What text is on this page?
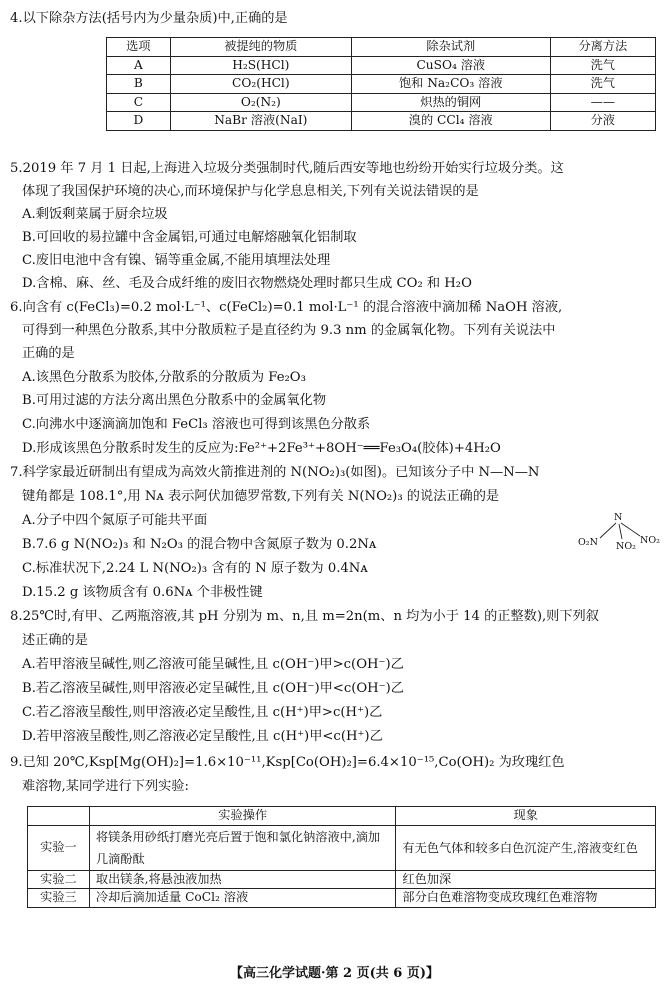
4.以下除杂方法(括号内为少量杂质)中,正确的是
选项	被提纯的物质	除杂试剂	分离方法
A	H₂S(HCl)	CuSO₄ 溶液	洗气
B	CO₂(HCl)	饱和 Na₂CO₃ 溶液	洗气
C	O₂(N₂)	炽热的铜网	——
D	NaBr 溶液(NaI)	溴的 CCl₄ 溶液	分液
5.2019 年 7 月 1 日起,上海进入垃圾分类强制时代,随后西安等地也纷纷开始实行垃圾分类。这
体现了我国保护环境的决心,而环境保护与化学息息相关,下列有关说法错误的是
A.剩饭剩菜属于厨余垃圾
B.可回收的易拉罐中含金属铝,可通过电解熔融氧化铝制取
C.废旧电池中含有镍、镉等重金属,不能用填埋法处理
D.含棉、麻、丝、毛及合成纤维的废旧衣物燃烧处理时都只生成 CO₂ 和 H₂O
6.向含有 c(FeCl₃)=0.2 mol·L⁻¹、c(FeCl₂)=0.1 mol·L⁻¹ 的混合溶液中滴加稀 NaOH 溶液,
可得到一种黑色分散系,其中分散质粒子是直径约为 9.3 nm 的金属氧化物。下列有关说法中
正确的是
A.该黑色分散系为胶体,分散系的分散质为 Fe₂O₃
B.可用过滤的方法分离出黑色分散系中的金属氧化物
C.向沸水中逐滴滴加饱和 FeCl₃ 溶液也可得到该黑色分散系
D.形成该黑色分散系时发生的反应为:Fe²⁺+2Fe³⁺+8OH⁻══Fe₃O₄(胶体)+4H₂O
7.科学家最近研制出有望成为高效火箭推进剂的 N(NO₂)₃(如图)。已知该分子中 N—N—N
键角都是 108.1°,用 Nᴀ 表示阿伏加德罗常数,下列有关 N(NO₂)₃ 的说法正确的是
A.分子中四个氮原子可能共平面
B.7.6 g N(NO₂)₃ 和 N₂O₃ 的混合物中含氮原子数为 0.2Nᴀ
C.标准状况下,2.24 L N(NO₂)₃ 含有的 N 原子数为 0.4Nᴀ
D.15.2 g 该物质含有 0.6Nᴀ 个非极性键
N
O₂N NO₂
NO₂
8.25℃时,有甲、乙两瓶溶液,其 pH 分别为 m、n,且 m=2n(m、n 均为小于 14 的正整数),则下列叙
述正确的是
A.若甲溶液呈碱性,则乙溶液可能呈碱性,且 c(OH⁻)甲>c(OH⁻)乙
B.若乙溶液呈碱性,则甲溶液必定呈碱性,且 c(OH⁻)甲<c(OH⁻)乙
C.若乙溶液呈酸性,则甲溶液必定呈酸性,且 c(H⁺)甲>c(H⁺)乙
D.若甲溶液呈酸性,则乙溶液必定呈酸性,且 c(H⁺)甲<c(H⁺)乙
9.已知 20℃,Ksp[Mg(OH)₂]=1.6×10⁻¹¹,Ksp[Co(OH)₂]=6.4×10⁻¹⁵,Co(OH)₂ 为玫瑰红色
难溶物,某同学进行下列实验:
	实验操作	现象
实验一	将镁条用砂纸打磨光亮后置于饱和氯化钠溶液中,滴加几滴酚酞	有无色气体和较多白色沉淀产生,溶液变红色
实验二	取出镁条,将悬浊液加热	红色加深
实验三	冷却后滴加适量 CoCl₂ 溶液	部分白色难溶物变成玫瑰红色难溶物
【高三化学试题·第 2 页(共 6 页)】
